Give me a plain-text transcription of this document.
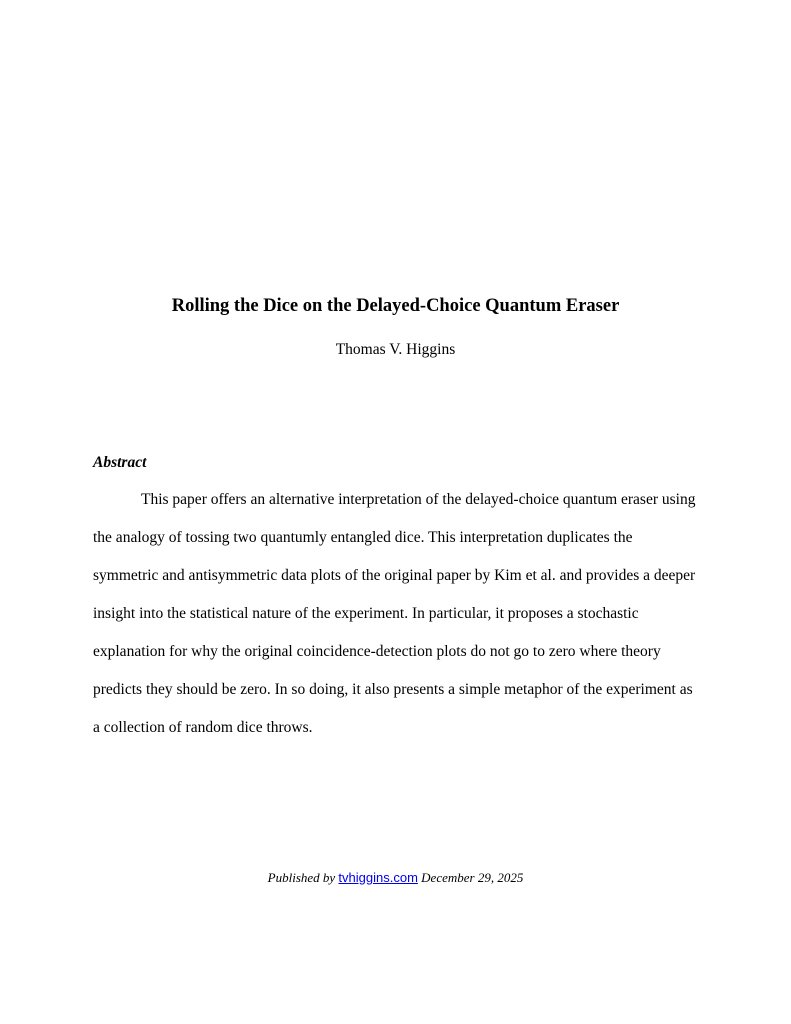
Rolling the Dice on the Delayed-Choice Quantum Eraser
Thomas V. Higgins
Abstract
This paper offers an alternative interpretation of the delayed-choice quantum eraser using
the analogy of tossing two quantumly entangled dice. This interpretation duplicates the
symmetric and antisymmetric data plots of the original paper by Kim et al. and provides a deeper
insight into the statistical nature of the experiment. In particular, it proposes a stochastic
explanation for why the original coincidence-detection plots do not go to zero where theory
predicts they should be zero. In so doing, it also presents a simple metaphor of the experiment as
a collection of random dice throws.
Published by tvhiggins.com December 29, 2025
